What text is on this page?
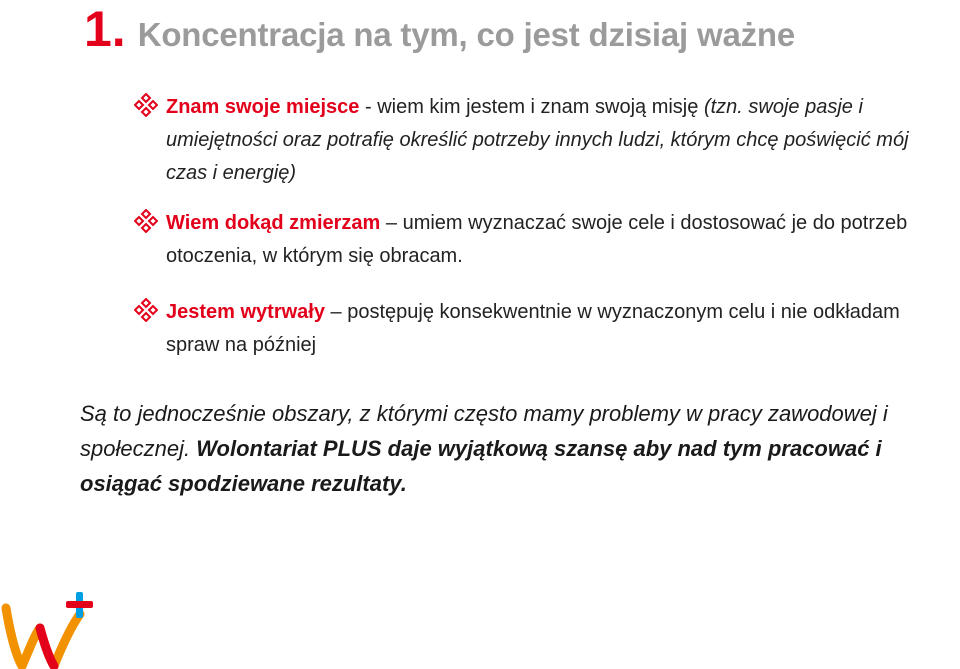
1. Koncentracja na tym, co jest dzisiaj ważne
Znam swoje miejsce - wiem kim jestem i znam swoją misję (tzn. swoje pasje i umiejętności oraz potrafię określić potrzeby innych ludzi, którym chcę poświęcić mój czas i energię)
Wiem dokąd zmierzam – umiem wyznaczać swoje cele i dostosować je do potrzeb otoczenia, w którym się obracam.
Jestem wytrwały – postępuję konsekwentnie w wyznaczonym celu i nie odkładam spraw na później
Są to jednocześnie obszary, z którymi często mamy problemy w pracy zawodowej i społecznej. Wolontariat PLUS daje wyjątkową szansę aby nad tym pracować i osiągać spodziewane rezultaty.
